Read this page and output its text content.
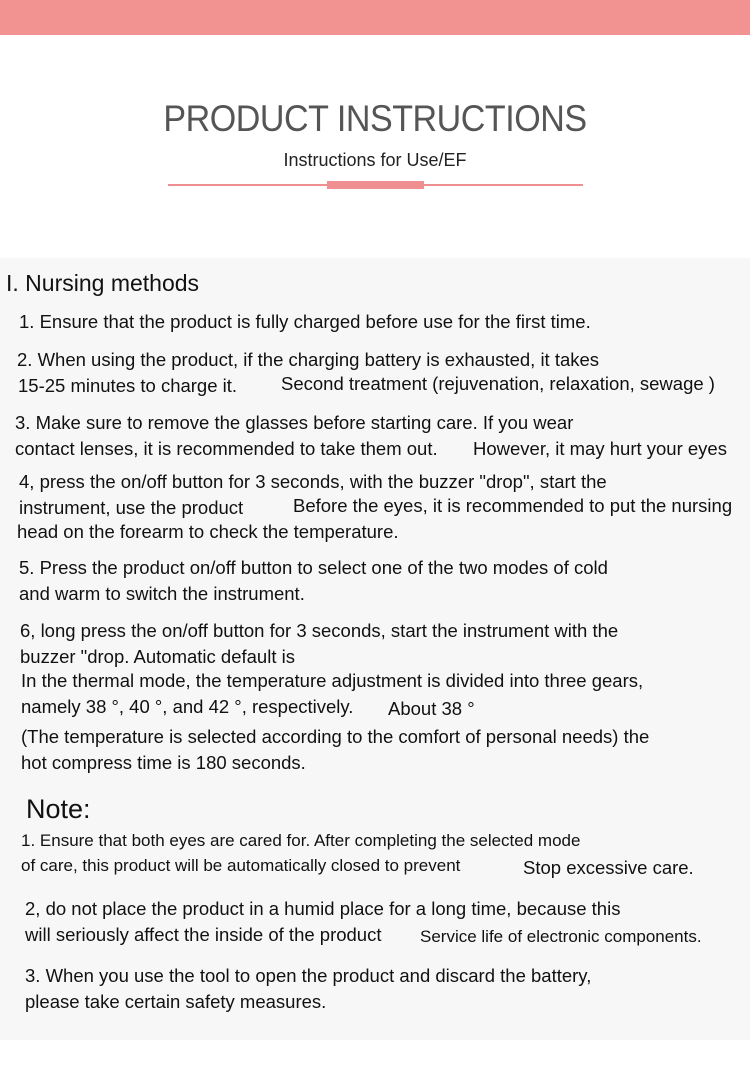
PRODUCT INSTRUCTIONS
Instructions for Use/EF
I. Nursing methods
1. Ensure that the product is fully charged before use for the first time.
2. When using the product, if the charging battery is exhausted, it takes
15-25 minutes to charge it. Second treatment (rejuvenation, relaxation, sewage )
3. Make sure to remove the glasses before starting care. If you wear
contact lenses, it is recommended to take them out. However, it may hurt your eyes
4, press the on/off button for 3 seconds, with the buzzer "drop", start the
instrument, use the product	Before the eyes, it is recommended to put the nursing
head on the forearm to check the temperature.
5. Press the product on/off button to select one of the two modes of cold
and warm to switch the instrument.
6, long press the on/off button for 3 seconds, start the instrument with the
buzzer "drop. Automatic default is
In the thermal mode, the temperature adjustment is divided into three gears,
namely 38 °, 40 °, and 42 °, respectively. About 38 °
(The temperature is selected according to the comfort of personal needs) the
hot compress time is 180 seconds.
Note:
1. Ensure that both eyes are cared for. After completing the selected mode
of care, this product will be automatically closed to prevent	Stop excessive care.
2, do not place the product in a humid place for a long time, because this
will seriously affect the inside of the product Service life of electronic components.
3. When you use the tool to open the product and discard the battery,
please take certain safety measures.
